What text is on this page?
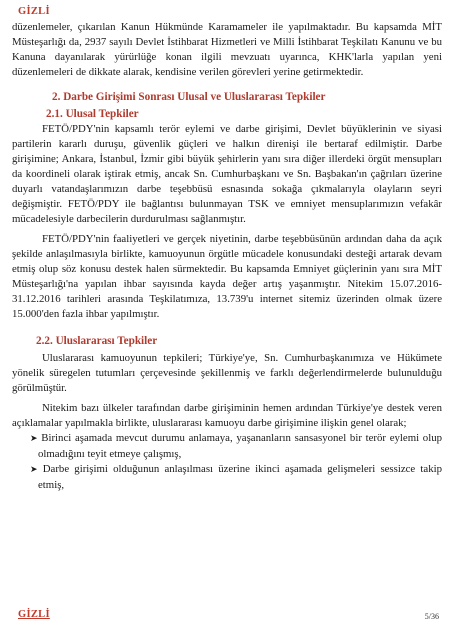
GİZLİ

düzenlemeler, çıkarılan Kanun Hükmünde Karamameler ile yapılmaktadır. Bu kapsamda MİT Müsteşarlığı da, 2937 sayılı Devlet İstihbarat Hizmetleri ve Milli İstihbarat Teşkilatı Kanunu ve bu Kanuna dayanılarak yürürlüğe konan ilgili mevzuatı uyarınca, KHK'larla yapılan yeni düzenlemeleri de dikkate alarak, kendisine verilen görevleri yerine getirmektedir.

2. Darbe Girişimi Sonrası Ulusal ve Uluslararası Tepkiler

2.1. Ulusal Tepkiler

FETÖ/PDY'nin kapsamlı terör eylemi ve darbe girişimi, Devlet büyüklerinin ve siyasi partilerin kararlı duruşu, güvenlik güçleri ve halkın direnişi ile bertaraf edilmiştir. Darbe girişimine; Ankara, İstanbul, İzmir gibi büyük şehirlerin yanı sıra diğer illerdeki örgüt mensupları da koordineli olarak iştirak etmiş, ancak Sn. Cumhurbaşkanı ve Sn. Başbakan'ın çağrıları üzerine duyarlı vatandaşlarımızın darbe teşebbüsü esnasında sokağa çıkmalarıyla olayların seyri değişmiştir. FETÖ/PDY ile bağlantısı bulunmayan TSK ve emniyet mensuplarımızın vefakâr mücadelesiyle darbecilerin durdurulması sağlanmıştır.

FETÖ/PDY'nin faaliyetleri ve gerçek niyetinin, darbe teşebbüsünün ardından daha da açık şekilde anlaşılmasıyla birlikte, kamuoyunun örgütle mücadele konusundaki desteği artarak devam etmiş olup söz konusu destek halen sürmektedir. Bu kapsamda Emniyet güçlerinin yanı sıra MİT Müsteşarlığı'na yapılan ihbar sayısında kayda değer artış yaşanmıştır. Nitekim 15.07.2016-31.12.2016 tarihleri arasında Teşkilatımıza, 13.739'u internet sitemiz üzerinden olmak üzere 15.000'den fazla ihbar yapılmıştır.

2.2. Uluslararası Tepkiler

Uluslararası kamuoyunun tepkileri; Türkiye'ye, Sn. Cumhurbaşkanımıza ve Hükümete yönelik süregelen tutumları çerçevesinde şekillenmiş ve farklı değerlendirmelerde bulunulduğu görülmüştür.

Nitekim bazı ülkeler tarafından darbe girişiminin hemen ardından Türkiye'ye destek veren açıklamalar yapılmakla birlikte, uluslararası kamuoyu darbe girişimine ilişkin genel olarak;

➤ Birinci aşamada mevcut durumu anlamaya, yaşananların sansasyonel bir terör eylemi olup olmadığını teyit etmeye çalışmış,

➤ Darbe girişimi olduğunun anlaşılması üzerine ikinci aşamada gelişmeleri sessizce takip etmiş,

GİZLİ	5/36
